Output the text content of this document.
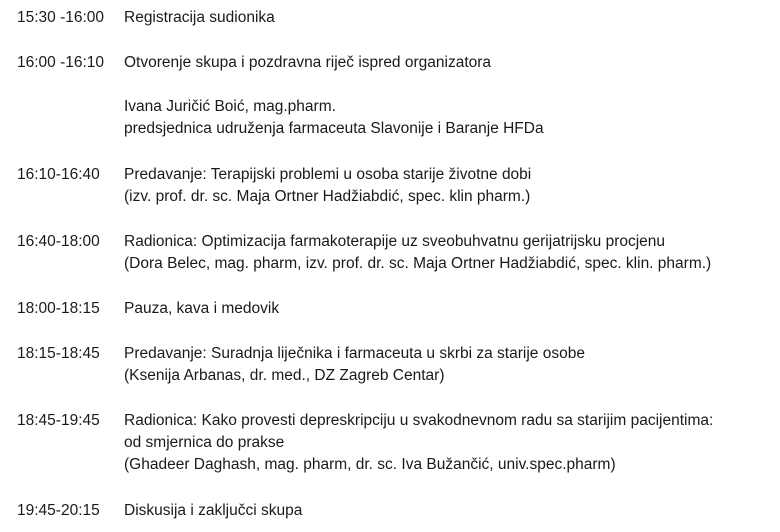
15:30 -16:00 Registracija sudionika
16:00 -16:10 Otvorenje skupa i pozdravna riječ ispred organizatora
Ivana Juričić Boić, mag.pharm.
predsjednica udruženja farmaceuta Slavonije i Baranje HFDa
16:10-16:40 Predavanje: Terapijski problemi u osoba starije životne dobi
(izv. prof. dr. sc. Maja Ortner Hadžiabdić, spec. klin pharm.)
16:40-18:00 Radionica: Optimizacija farmakoterapije uz sveobuhvatnu gerijatrijsku procjenu
(Dora Belec, mag. pharm, izv. prof. dr. sc. Maja Ortner Hadžiabdić, spec. klin. pharm.)
18:00-18:15 Pauza, kava i medovik
18:15-18:45 Predavanje: Suradnja liječnika i farmaceuta u skrbi za starije osobe
(Ksenija Arbanas, dr. med., DZ Zagreb Centar)
18:45-19:45 Radionica: Kako provesti depreskripciju u svakodnevnom radu sa starijim pacijentima:
od smjernica do prakse
(Ghadeer Daghash, mag. pharm, dr. sc. Iva Bužančić, univ.spec.pharm)
19:45-20:15 Diskusija i zaključci skupa
